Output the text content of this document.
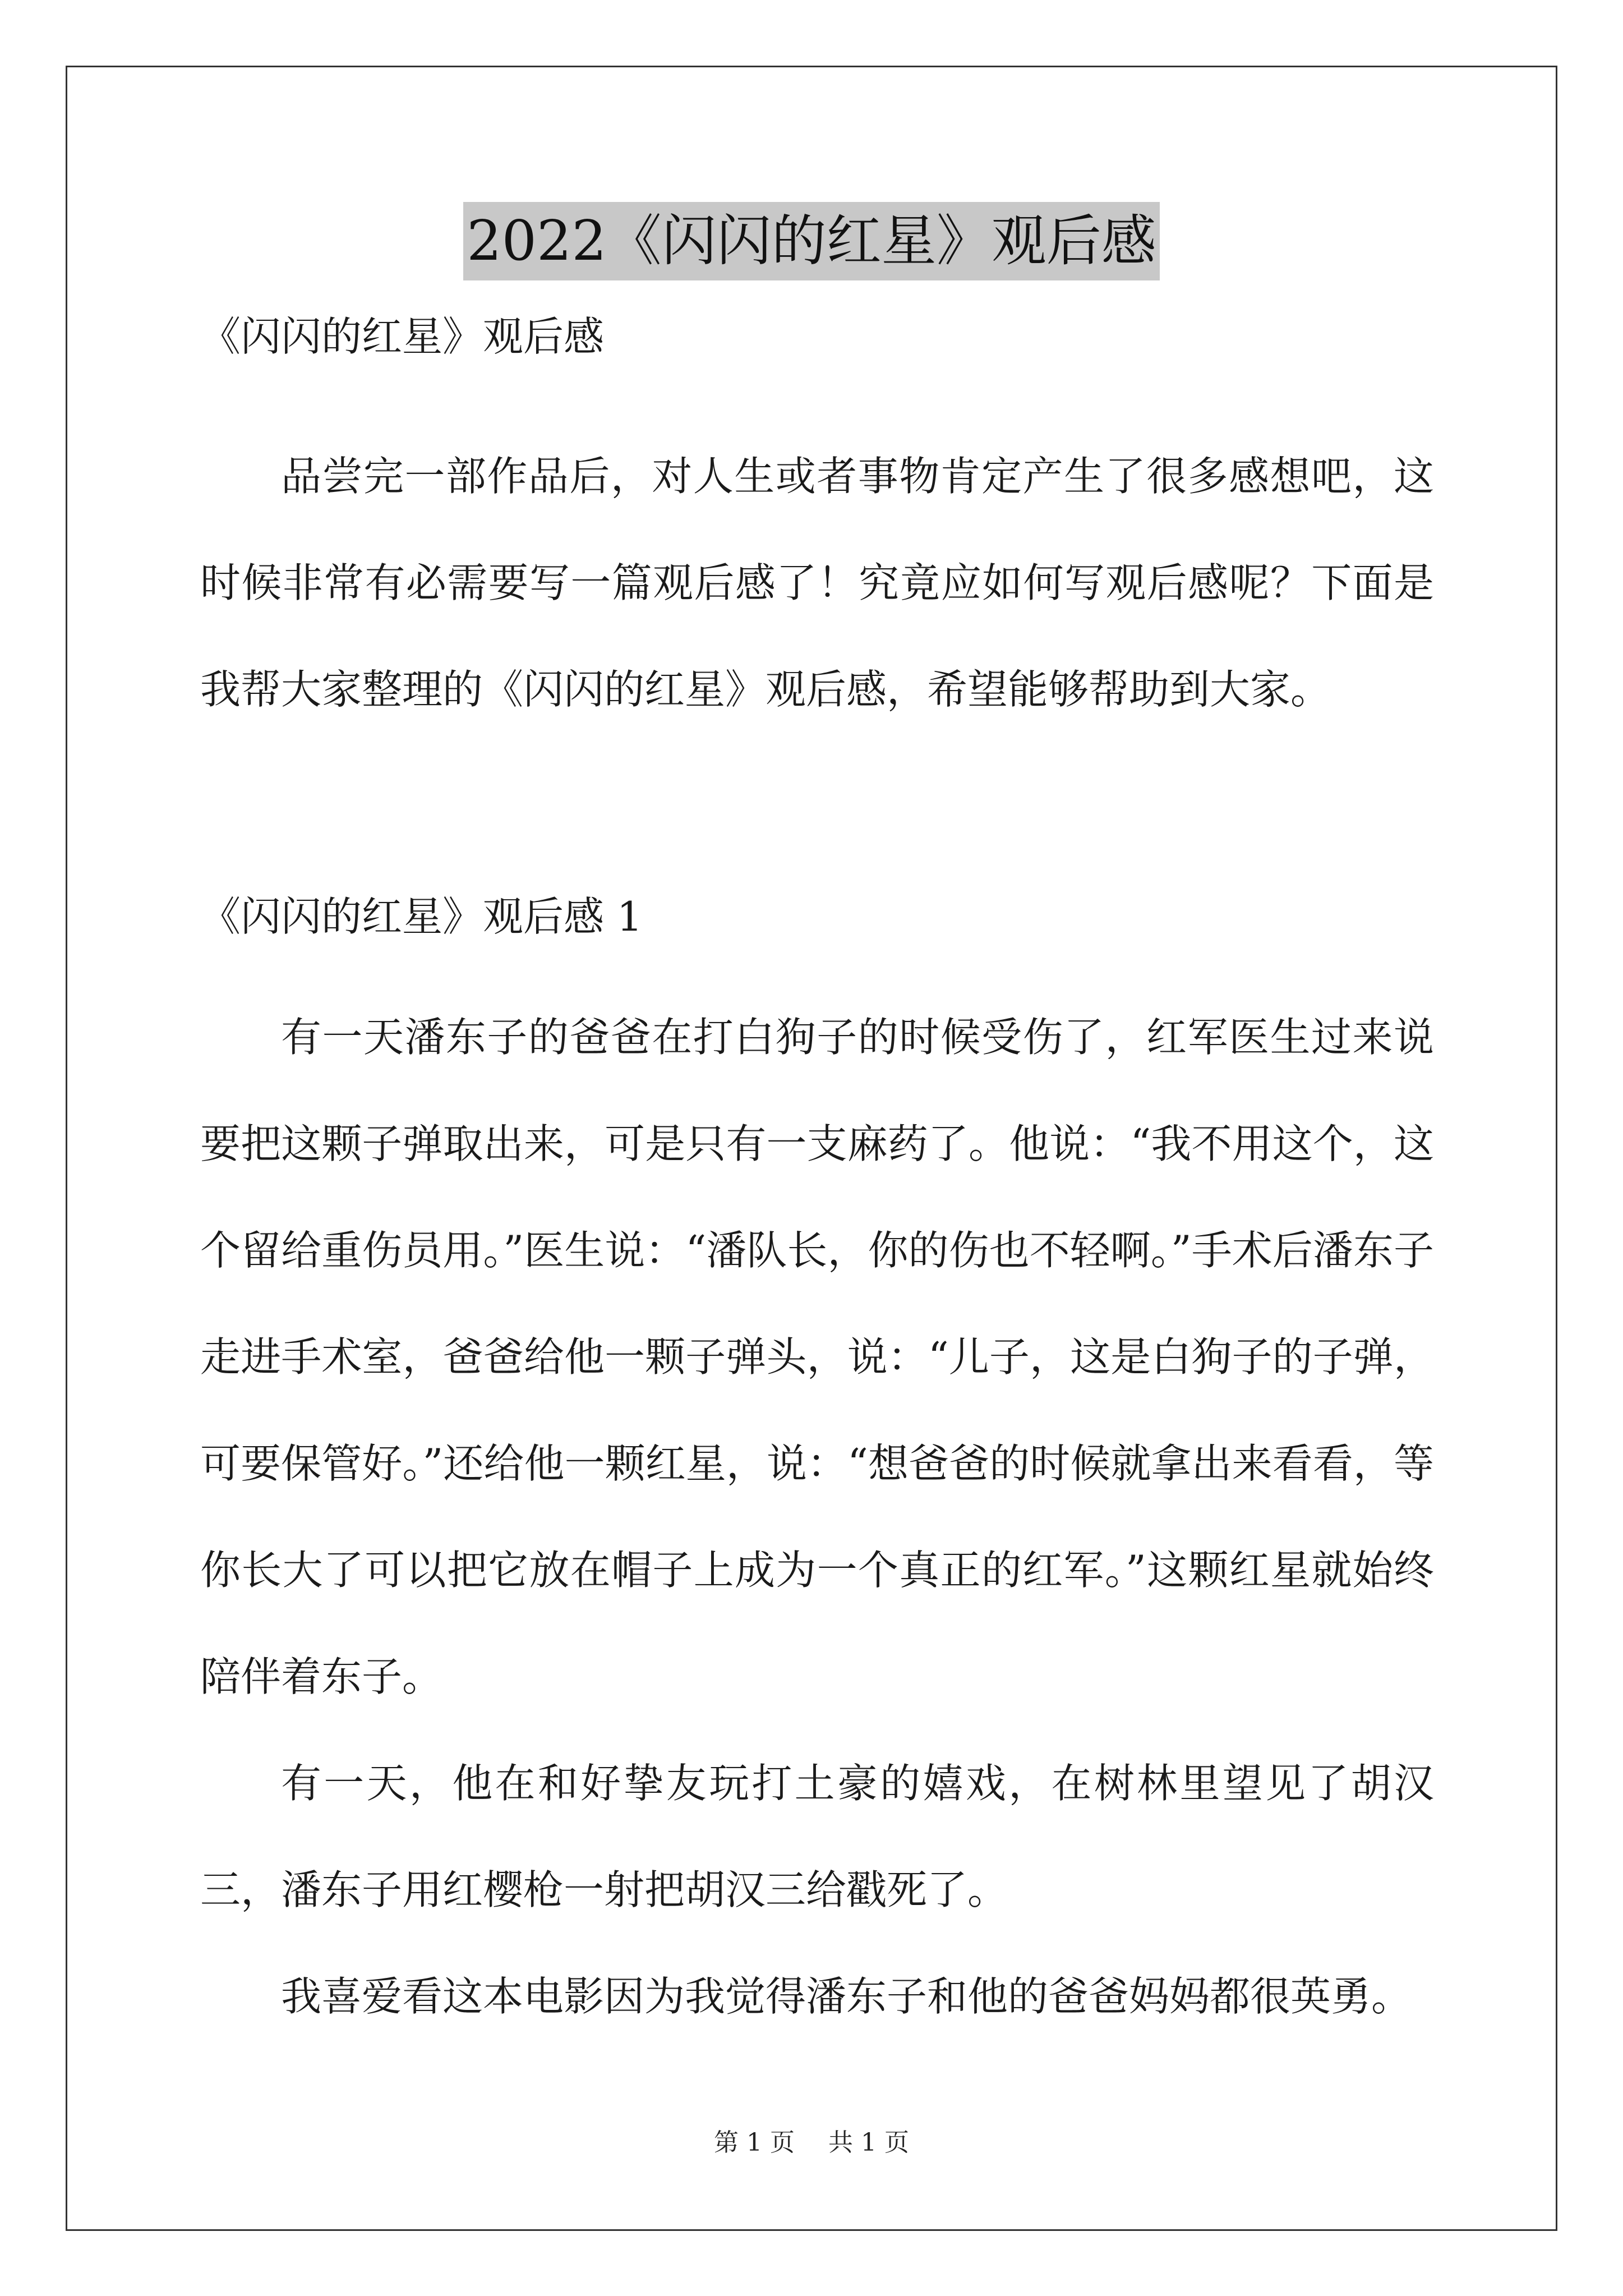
2022《闪闪的红星》观后感
《闪闪的红星》观后感

品尝完一部作品后，对人生或者事物肯定产生了很多感想吧，这时候非常有必需要写一篇观后感了！究竟应如何写观后感呢？下面是我帮大家整理的《闪闪的红星》观后感，希望能够帮助到大家。

《闪闪的红星》观后感 1

有一天潘东子的爸爸在打白狗子的时候受伤了，红军医生过来说要把这颗子弹取出来，可是只有一支麻药了。他说：“我不用这个，这个留给重伤员用。”医生说：“潘队长，你的伤也不轻啊。”手术后潘东子走进手术室，爸爸给他一颗子弹头，说：“儿子，这是白狗子的子弹，可要保管好。”还给他一颗红星，说：“想爸爸的时候就拿出来看看，等你长大了可以把它放在帽子上成为一个真正的红军。”这颗红星就始终陪伴着东子。

有一天，他在和好挚友玩打土豪的嬉戏，在树林里望见了胡汉三，潘东子用红樱枪一射把胡汉三给戳死了。

我喜爱看这本电影因为我觉得潘东子和他的爸爸妈妈都很英勇。

第 1 页 共 1 页
